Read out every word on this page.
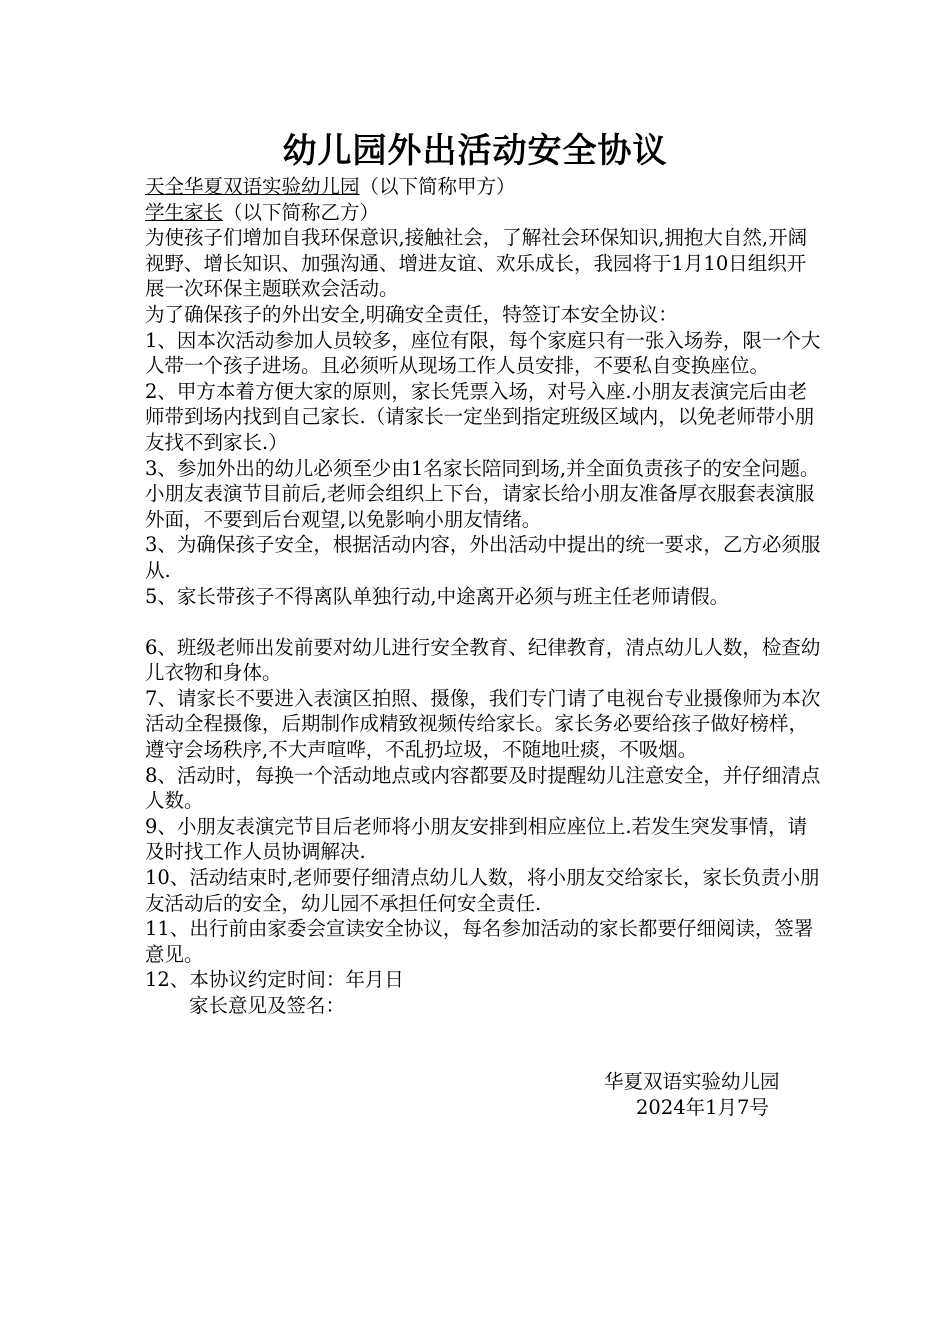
幼儿园外出活动安全协议

天全华夏双语实验幼儿园（以下简称甲方）

学生家长（以下简称乙方）

为使孩子们增加自我环保意识,接触社会，了解社会环保知识,拥抱大自然,开阔视野、增长知识、加强沟通、增进友谊、欢乐成长，我园将于1月10日组织开展一次环保主题联欢会活动。

为了确保孩子的外出安全,明确安全责任，特签订本安全协议：

1、因本次活动参加人员较多，座位有限，每个家庭只有一张入场券，限一个大人带一个孩子进场。且必须听从现场工作人员安排，不要私自变换座位。

2、甲方本着方便大家的原则，家长凭票入场，对号入座.小朋友表演完后由老师带到场内找到自己家长.（请家长一定坐到指定班级区域内，以免老师带小朋友找不到家长.）

3、参加外出的幼儿必须至少由1名家长陪同到场,并全面负责孩子的安全问题。小朋友表演节目前后,老师会组织上下台，请家长给小朋友准备厚衣服套表演服外面，不要到后台观望,以免影响小朋友情绪。

3、为确保孩子安全，根据活动内容，外出活动中提出的统一要求，乙方必须服从.

5、家长带孩子不得离队单独行动,中途离开必须与班主任老师请假。

6、班级老师出发前要对幼儿进行安全教育、纪律教育，清点幼儿人数，检查幼儿衣物和身体。

7、请家长不要进入表演区拍照、摄像，我们专门请了电视台专业摄像师为本次活动全程摄像，后期制作成精致视频传给家长。家长务必要给孩子做好榜样，遵守会场秩序,不大声喧哗，不乱扔垃圾，不随地吐痰，不吸烟。

8、活动时，每换一个活动地点或内容都要及时提醒幼儿注意安全，并仔细清点人数。

9、小朋友表演完节目后老师将小朋友安排到相应座位上.若发生突发事情，请及时找工作人员协调解决.

10、活动结束时,老师要仔细清点幼儿人数，将小朋友交给家长，家长负责小朋友活动后的安全，幼儿园不承担任何安全责任.

11、出行前由家委会宣读安全协议，每名参加活动的家长都要仔细阅读，签署意见。

12、本协议约定时间：年月日

家长意见及签名：

华夏双语实验幼儿园
2024年1月7号
